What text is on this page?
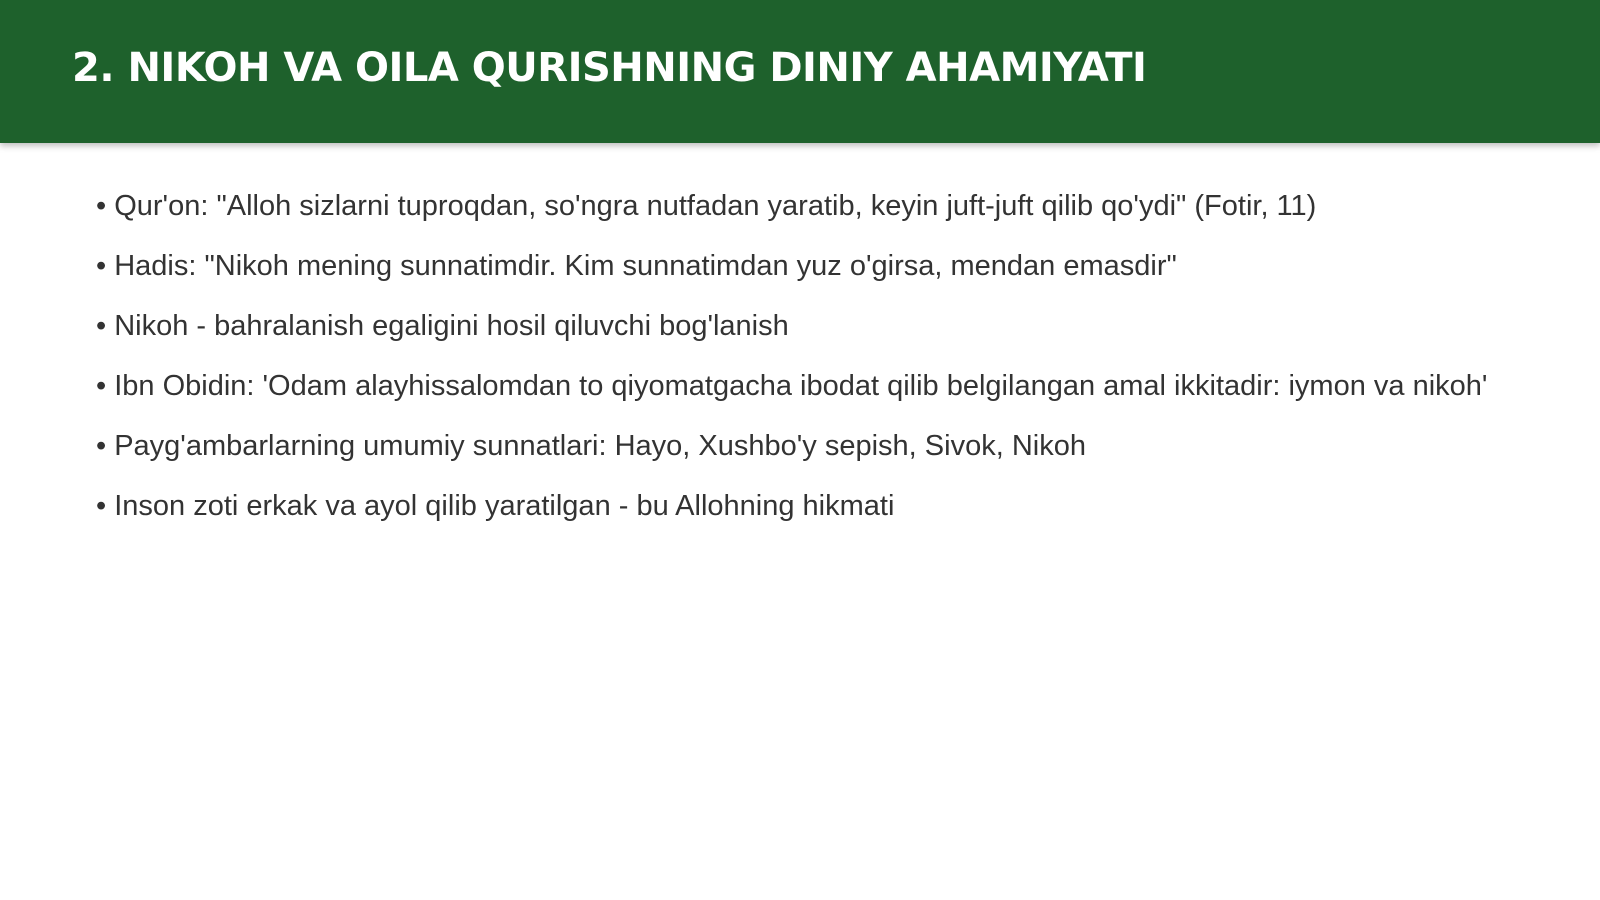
2. NIKOH VA OILA QURISHNING DINIY AHAMIYATI
• Qur'on: "Alloh sizlarni tuproqdan, so'ngra nutfadan yaratib, keyin juft-juft qilib qo'ydi" (Fotir, 11)
• Hadis: "Nikoh mening sunnatimdir. Kim sunnatimdan yuz o'girsa, mendan emasdir"
• Nikoh - bahralanish egaligini hosil qiluvchi bog'lanish
• Ibn Obidin: 'Odam alayhissalomdan to qiyomatgacha ibodat qilib belgilangan amal ikkitadir: iymon va nikoh'
• Payg'ambarlarning umumiy sunnatlari: Hayo, Xushbo'y sepish, Sivok, Nikoh
• Inson zoti erkak va ayol qilib yaratilgan - bu Allohning hikmati
